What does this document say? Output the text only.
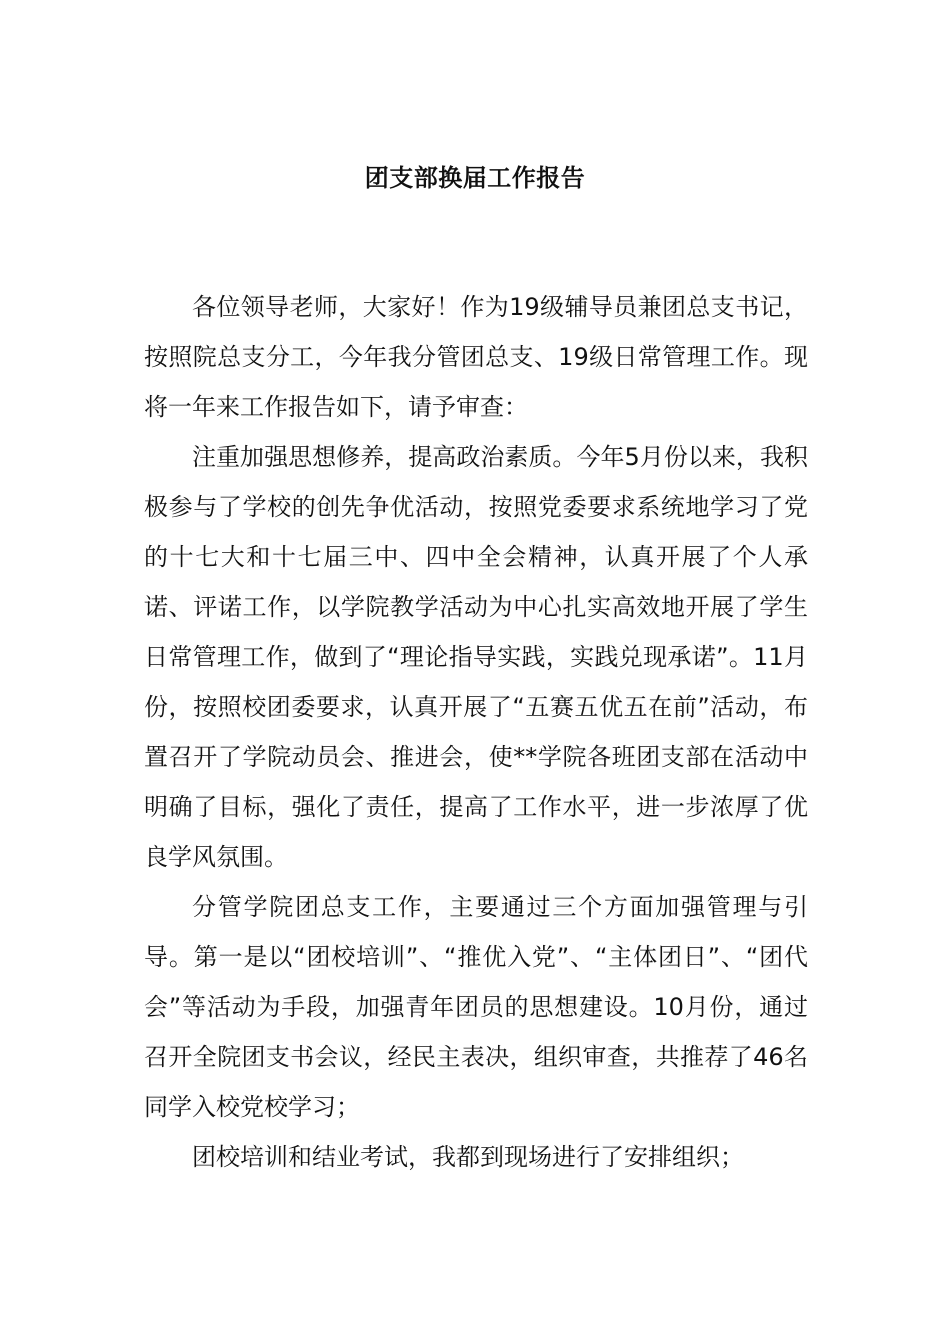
团支部换届工作报告

各位领导老师，大家好！作为19级辅导员兼团总支书记，按照院总支分工，今年我分管团总支、19级日常管理工作。现将一年来工作报告如下，请予审查：

注重加强思想修养，提高政治素质。今年5月份以来，我积极参与了学校的创先争优活动，按照党委要求系统地学习了党的十七大和十七届三中、四中全会精神，认真开展了个人承诺、评诺工作，以学院教学活动为中心扎实高效地开展了学生日常管理工作，做到了“理论指导实践，实践兑现承诺”。11月份，按照校团委要求，认真开展了“五赛五优五在前”活动，布置召开了学院动员会、推进会，使**学院各班团支部在活动中明确了目标，强化了责任，提高了工作水平，进一步浓厚了优良学风氛围。

分管学院团总支工作，主要通过三个方面加强管理与引导。第一是以“团校培训”、“推优入党”、“主体团日”、“团代会”等活动为手段，加强青年团员的思想建设。10月份，通过召开全院团支书会议，经民主表决，组织审查，共推荐了46名同学入校党校学习；

团校培训和结业考试，我都到现场进行了安排组织；
